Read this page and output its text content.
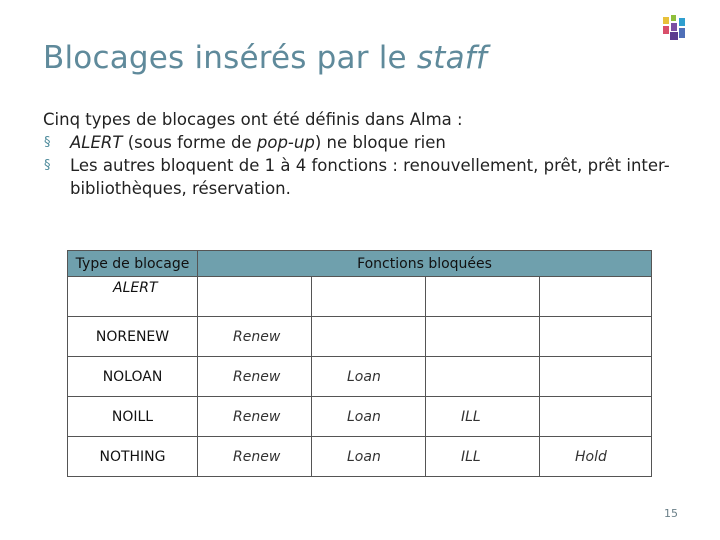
Blocages insérés par le staff
Cinq types de blocages ont été définis dans Alma :
§ ALERT (sous forme de pop-up) ne bloque rien
§ Les autres bloquent de 1 à 4 fonctions : renouvellement, prêt, prêt inter-bibliothèques, réservation.
Type de blocage	Fonctions bloquées			
ALERT				
NORENEW	Renew			
NOLOAN	Renew	Loan		
NOILL	Renew	Loan	ILL	
NOTHING	Renew	Loan	ILL	Hold
15
